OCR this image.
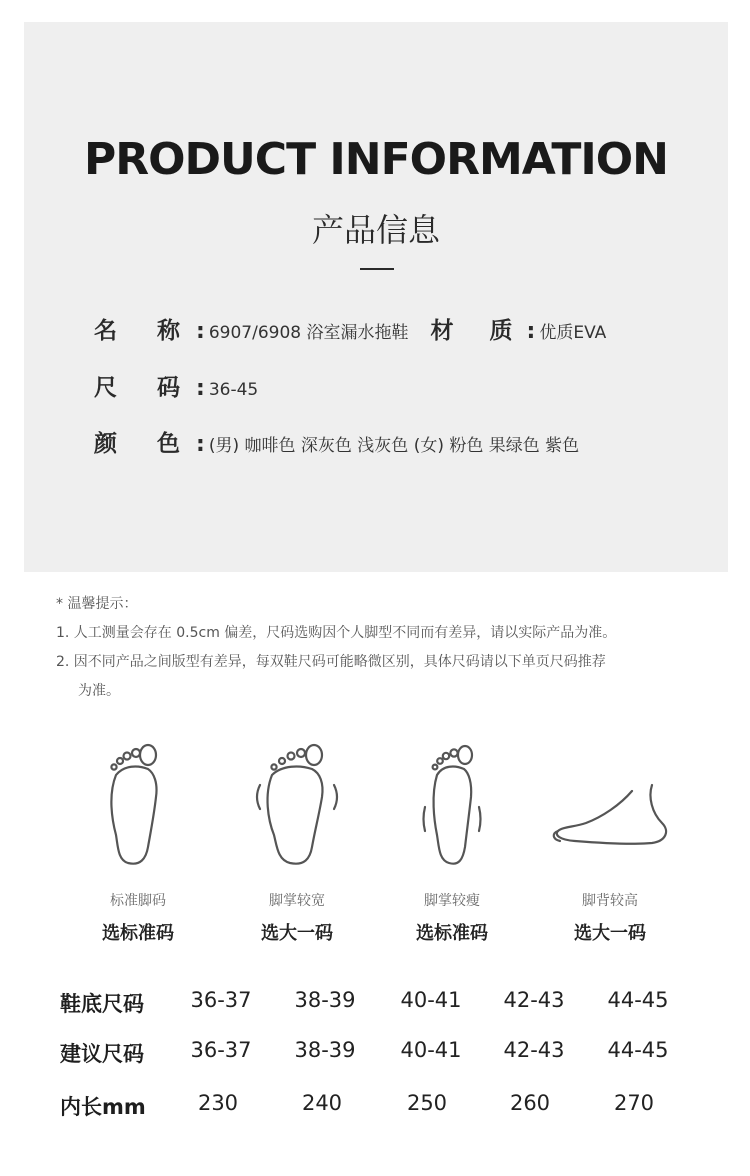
PRODUCT INFORMATION
产品信息
名 称 : 6907/6908 浴室漏水拖鞋 材 质 : 优质EVA
尺 码 : 36-45
颜 色 : (男) 咖啡色 深灰色 浅灰色 (女) 粉色 果绿色 紫色
* 温馨提示：
1. 人工测量会存在 0.5cm 偏差，尺码选购因个人脚型不同而有差异，请以实际产品为准。
2. 因不同产品之间版型有差异，每双鞋尺码可能略微区别，具体尺码请以下单页尺码推荐
为准。
标准脚码	脚掌较宽	脚掌较瘦	脚背较高
选标准码	选大一码	选标准码	选大一码
鞋底尺码	36-37	38-39	40-41	42-43	44-45
建议尺码	36-37	38-39	40-41	42-43	44-45
内长mm	230	240	250	260	270
